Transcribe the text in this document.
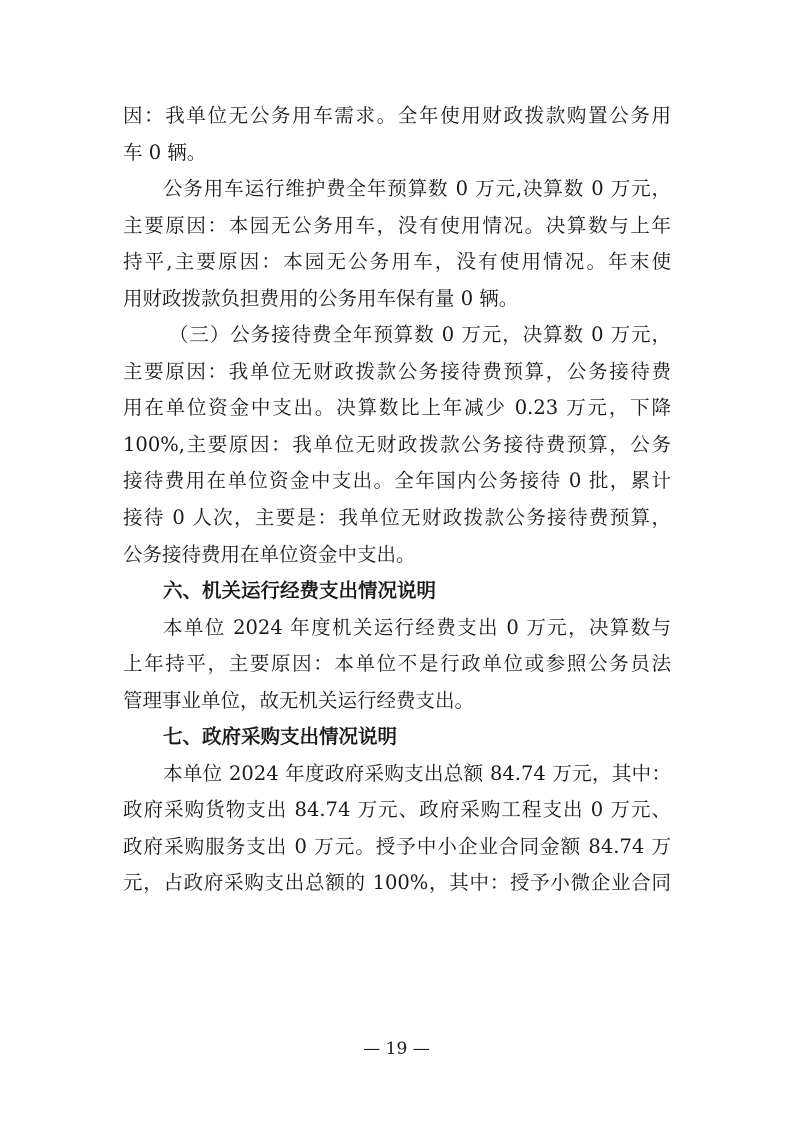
因：我单位无公务用车需求。全年使用财政拨款购置公务用
车 0 辆。
公务用车运行维护费全年预算数 0 万元,决算数 0 万元，
主要原因：本园无公务用车，没有使用情况。决算数与上年
持平,主要原因：本园无公务用车，没有使用情况。年末使
用财政拨款负担费用的公务用车保有量 0 辆。
（三）公务接待费全年预算数 0 万元，决算数 0 万元，
主要原因：我单位无财政拨款公务接待费预算，公务接待费
用在单位资金中支出。决算数比上年减少 0.23 万元，下降
100%,主要原因：我单位无财政拨款公务接待费预算，公务
接待费用在单位资金中支出。全年国内公务接待 0 批，累计
接待 0 人次，主要是：我单位无财政拨款公务接待费预算，
公务接待费用在单位资金中支出。
六、机关运行经费支出情况说明
本单位 2024 年度机关运行经费支出 0 万元，决算数与
上年持平，主要原因：本单位不是行政单位或参照公务员法
管理事业单位，故无机关运行经费支出。
七、政府采购支出情况说明
本单位 2024 年度政府采购支出总额 84.74 万元，其中：
政府采购货物支出 84.74 万元、政府采购工程支出 0 万元、
政府采购服务支出 0 万元。授予中小企业合同金额 84.74 万
元，占政府采购支出总额的 100%，其中：授予小微企业合同
— 19 —
